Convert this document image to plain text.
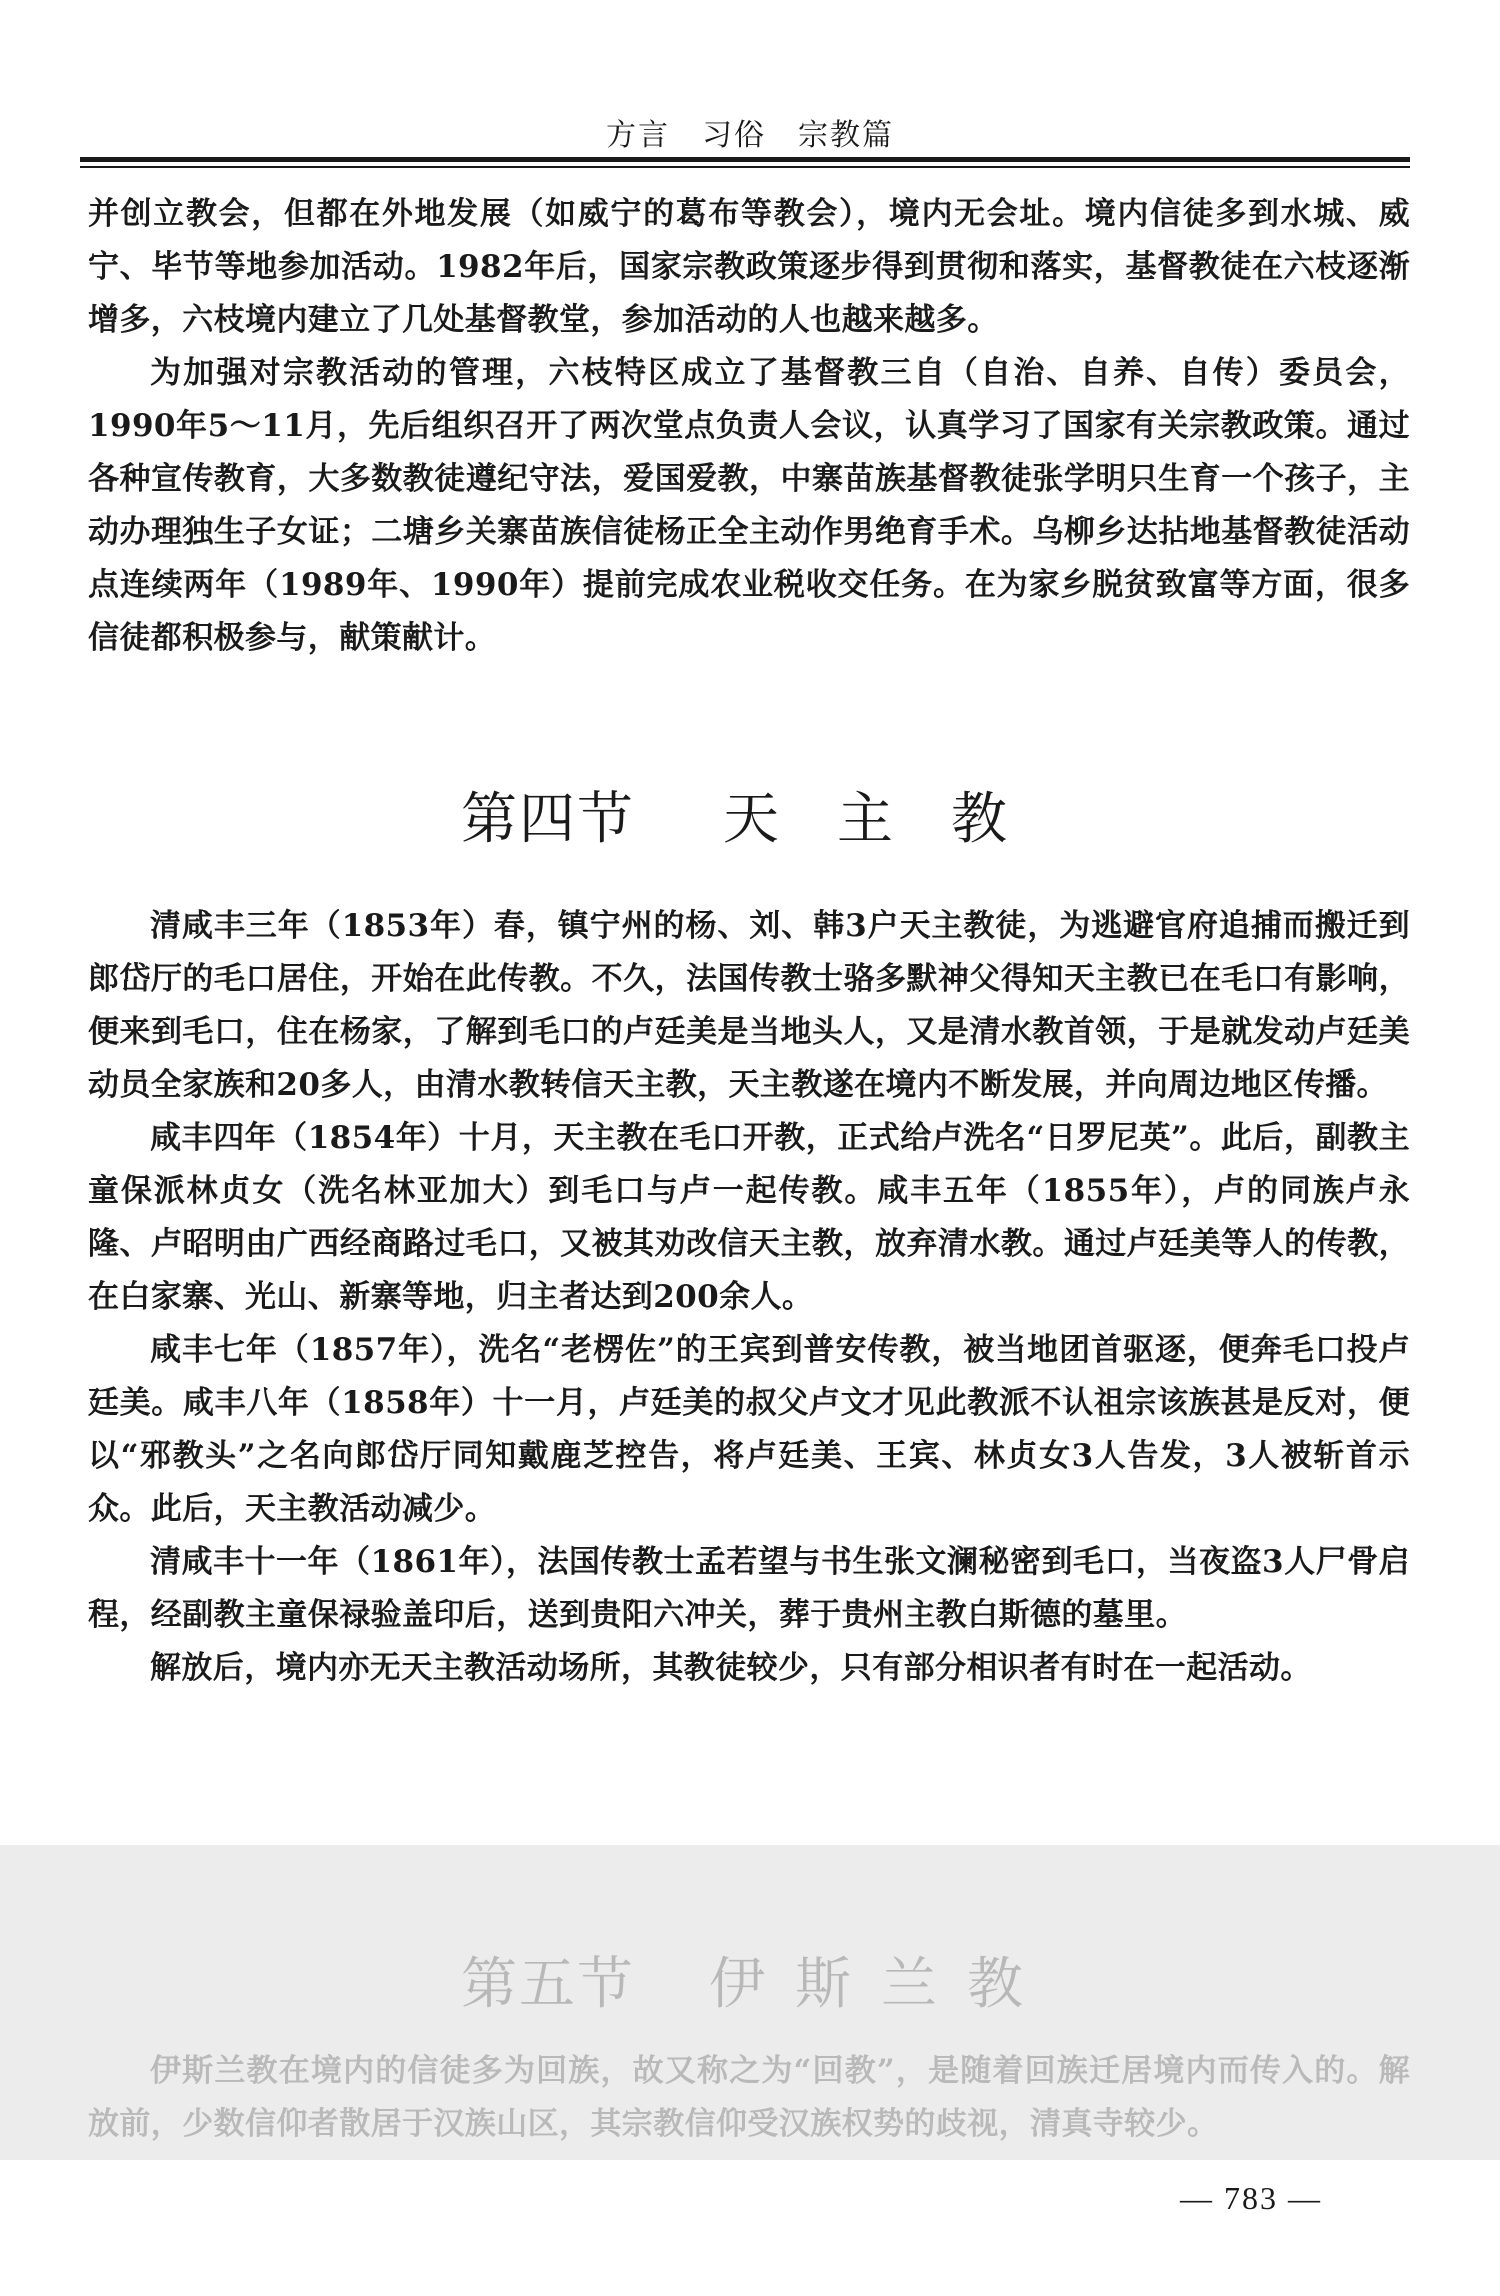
方言　习俗　宗教篇

并创立教会，但都在外地发展（如威宁的葛布等教会），境内无会址。境内信徒多到水城、威宁、毕节等地参加活动。1982年后，国家宗教政策逐步得到贯彻和落实，基督教徒在六枝逐渐增多，六枝境内建立了几处基督教堂，参加活动的人也越来越多。

为加强对宗教活动的管理，六枝特区成立了基督教三自（自治、自养、自传）委员会，1990年5～11月，先后组织召开了两次堂点负责人会议，认真学习了国家有关宗教政策。通过各种宣传教育，大多数教徒遵纪守法，爱国爱教，中寨苗族基督教徒张学明只生育一个孩子，主动办理独生子女证；二塘乡关寨苗族信徒杨正全主动作男绝育手术。乌柳乡达拈地基督教徒活动点连续两年（1989年、1990年）提前完成农业税收交任务。在为家乡脱贫致富等方面，很多信徒都积极参与，献策献计。

第四节 天 主 教

清咸丰三年（1853年）春，镇宁州的杨、刘、韩3户天主教徒，为逃避官府追捕而搬迁到郎岱厅的毛口居住，开始在此传教。不久，法国传教士骆多默神父得知天主教已在毛口有影响，便来到毛口，住在杨家，了解到毛口的卢廷美是当地头人，又是清水教首领，于是就发动卢廷美动员全家族和20多人，由清水教转信天主教，天主教遂在境内不断发展，并向周边地区传播。

咸丰四年（1854年）十月，天主教在毛口开教，正式给卢洗名“日罗尼英”。此后，副教主童保派林贞女（洗名林亚加大）到毛口与卢一起传教。咸丰五年（1855年），卢的同族卢永隆、卢昭明由广西经商路过毛口，又被其劝改信天主教，放弃清水教。通过卢廷美等人的传教，在白家寨、光山、新寨等地，归主者达到200余人。

咸丰七年（1857年），洗名“老楞佐”的王宾到普安传教，被当地团首驱逐，便奔毛口投卢廷美。咸丰八年（1858年）十一月，卢廷美的叔父卢文才见此教派不认祖宗该族甚是反对，便以“邪教头”之名向郎岱厅同知戴鹿芝控告，将卢廷美、王宾、林贞女3人告发，3人被斩首示众。此后，天主教活动减少。

清咸丰十一年（1861年），法国传教士孟若望与书生张文澜秘密到毛口，当夜盗3人尸骨启程，经副教主童保禄验盖印后，送到贵阳六冲关，葬于贵州主教白斯德的墓里。

解放后，境内亦无天主教活动场所，其教徒较少，只有部分相识者有时在一起活动。

第五节 伊 斯 兰 教

伊斯兰教在境内的信徒多为回族，故又称之为“回教”，是随着回族迁居境内而传入的。解放前，少数信仰者散居于汉族山区，其宗教信仰受汉族权势的歧视，清真寺较少。

— 783 —
